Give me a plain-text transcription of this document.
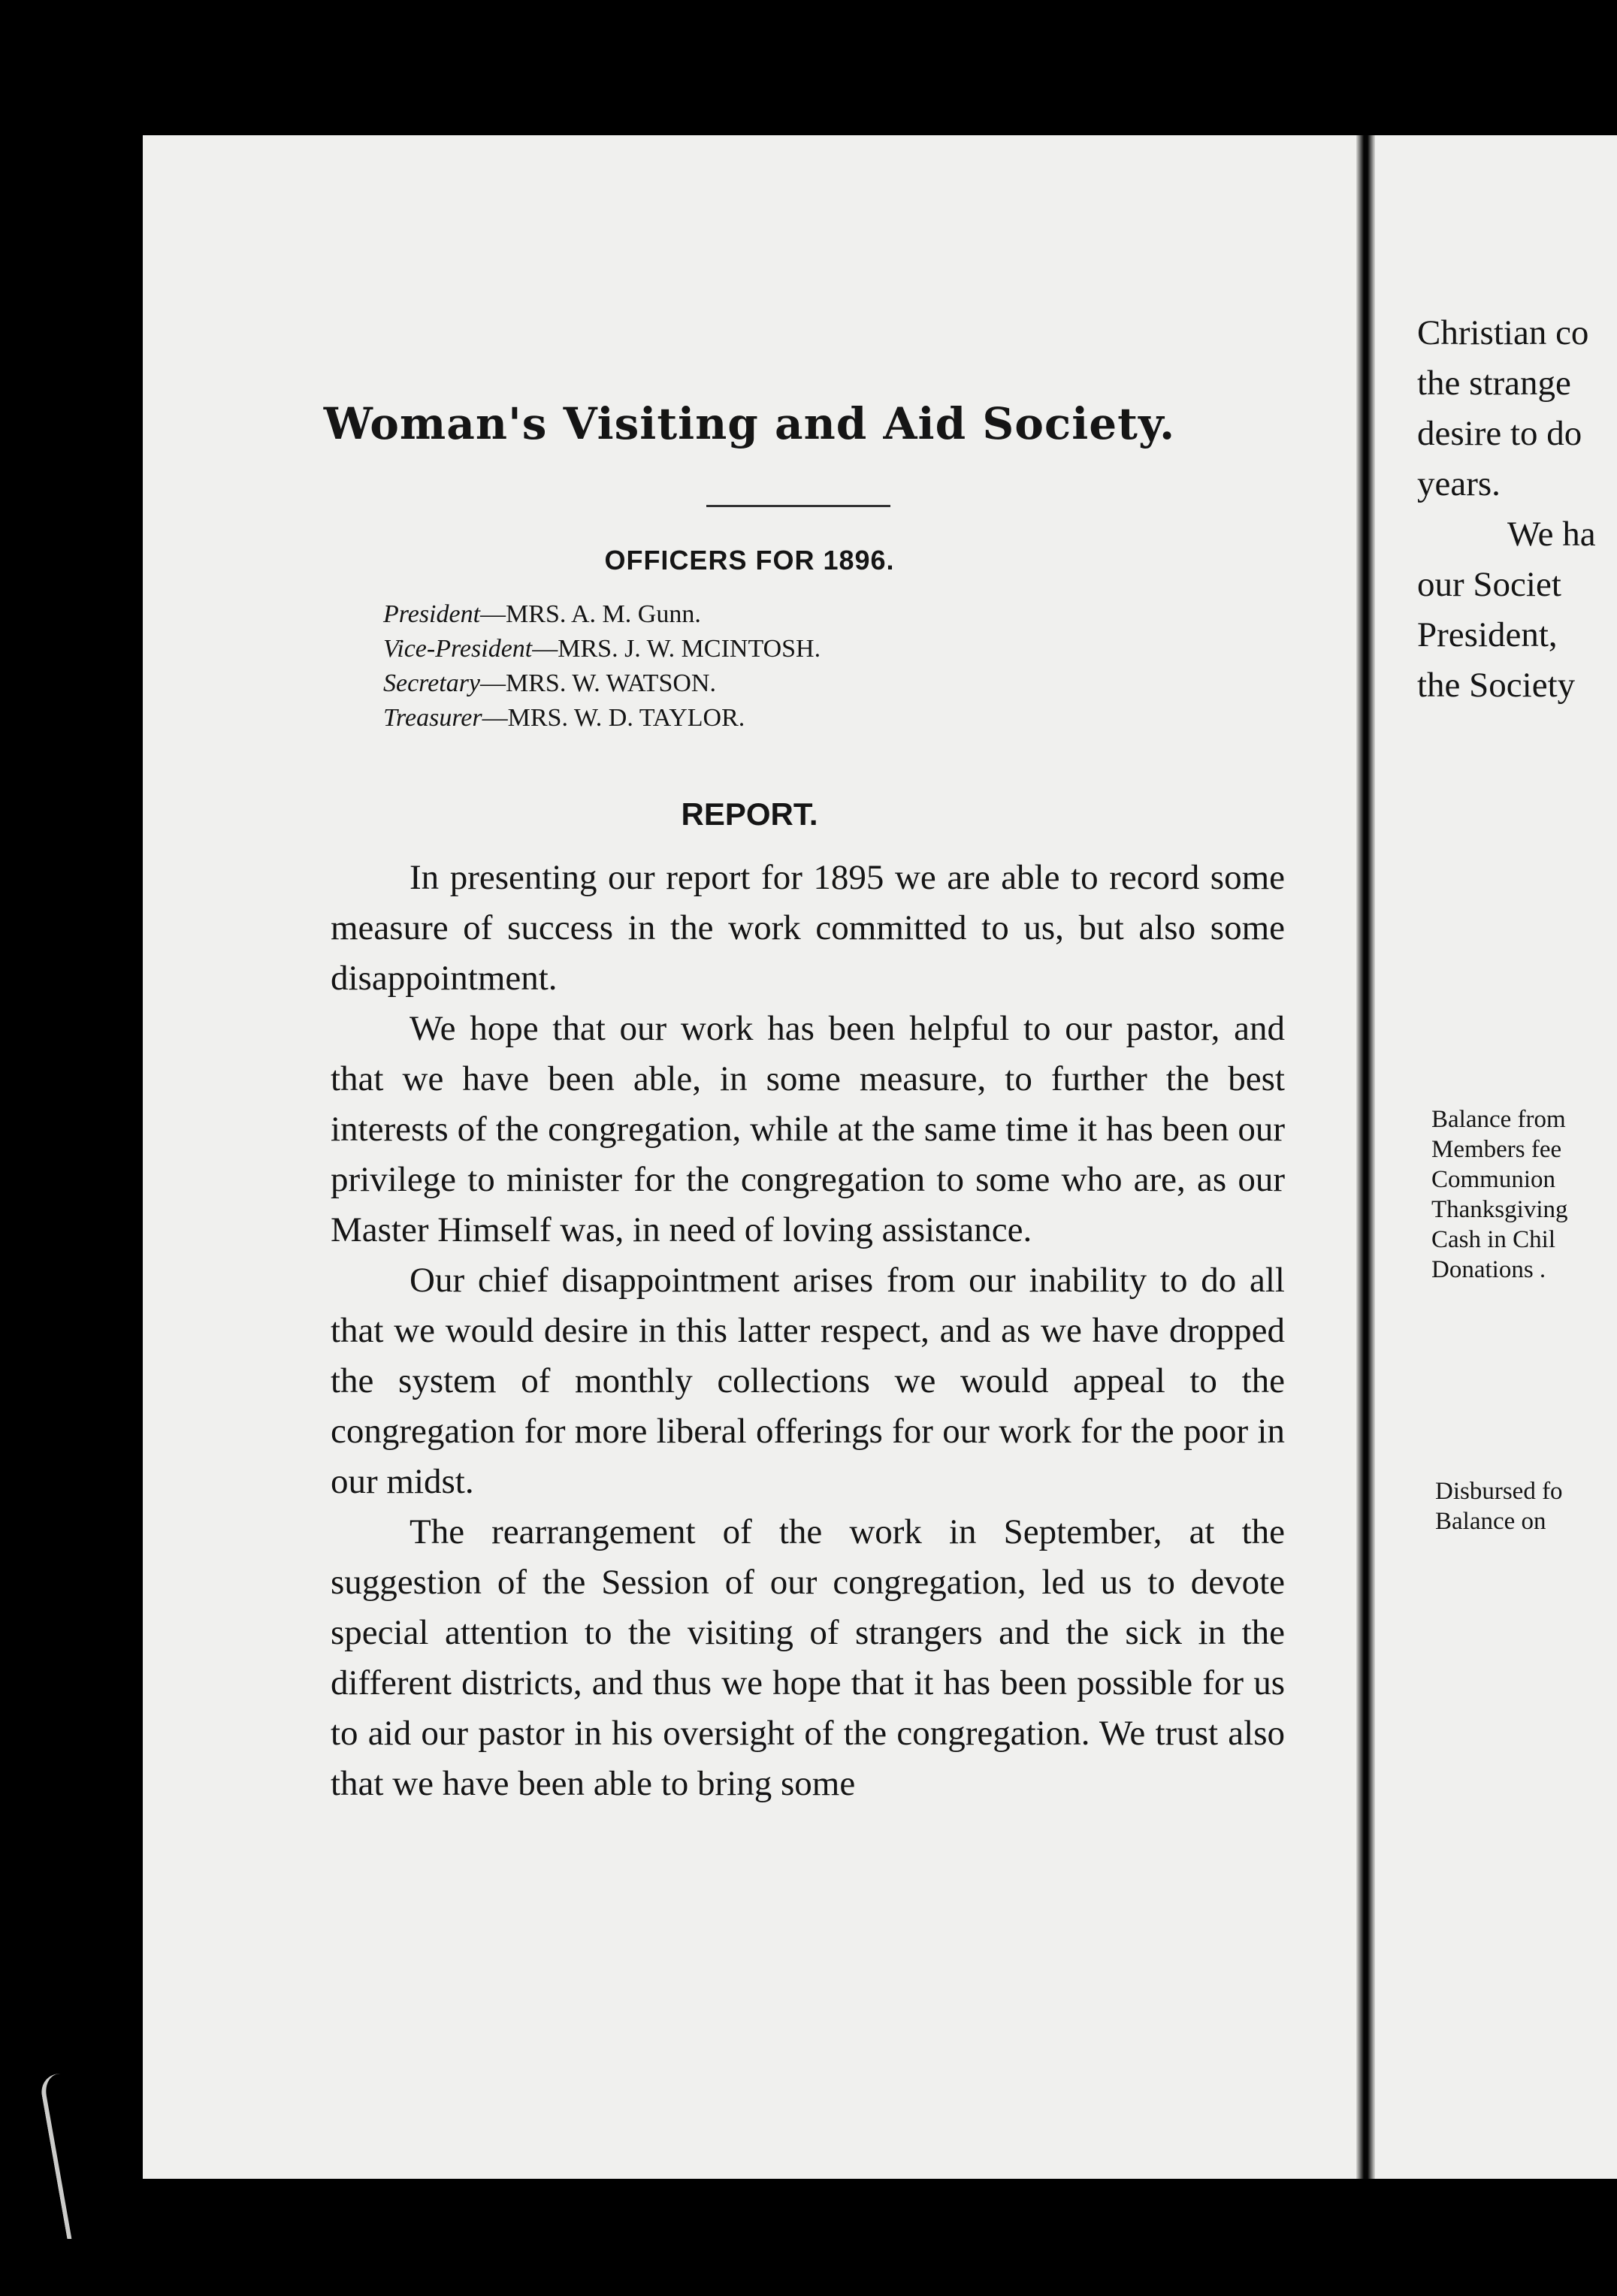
Woman's Visiting and Aid Society.
OFFICERS FOR 1896.
President—MRS. A. M. Gunn.
Vice-President—MRS. J. W. MCINTOSH.
Secretary—MRS. W. WATSON.
Treasurer—MRS. W. D. TAYLOR.
REPORT.

In presenting our report for 1895 we are able to record some measure of success in the work committed to us, but also some disappointment.

We hope that our work has been helpful to our pastor, and that we have been able, in some measure, to further the best interests of the congregation, while at the same time it has been our privilege to minister for the congregation to some who are, as our Master Himself was, in need of loving assistance.

Our chief disappointment arises from our inability to do all that we would desire in this latter respect, and as we have dropped the system of monthly collections we would appeal to the congregation for more liberal offerings for our work for the poor in our midst.

The rearrangement of the work in September, at the suggestion of the Session of our congregation, led us to devote special attention to the visiting of strangers and the sick in the different districts, and thus we hope that it has been possible for us to aid our pastor in his oversight of the congregation. We trust also that we have been able to bring some

Christian co

the strange

desire to do

years.

We ha

our Societ

President,

the Society

Balance from

Members fee

Communion

Thanksgiving

Cash in Chil

Donations .

Disbursed fo

Balance on
